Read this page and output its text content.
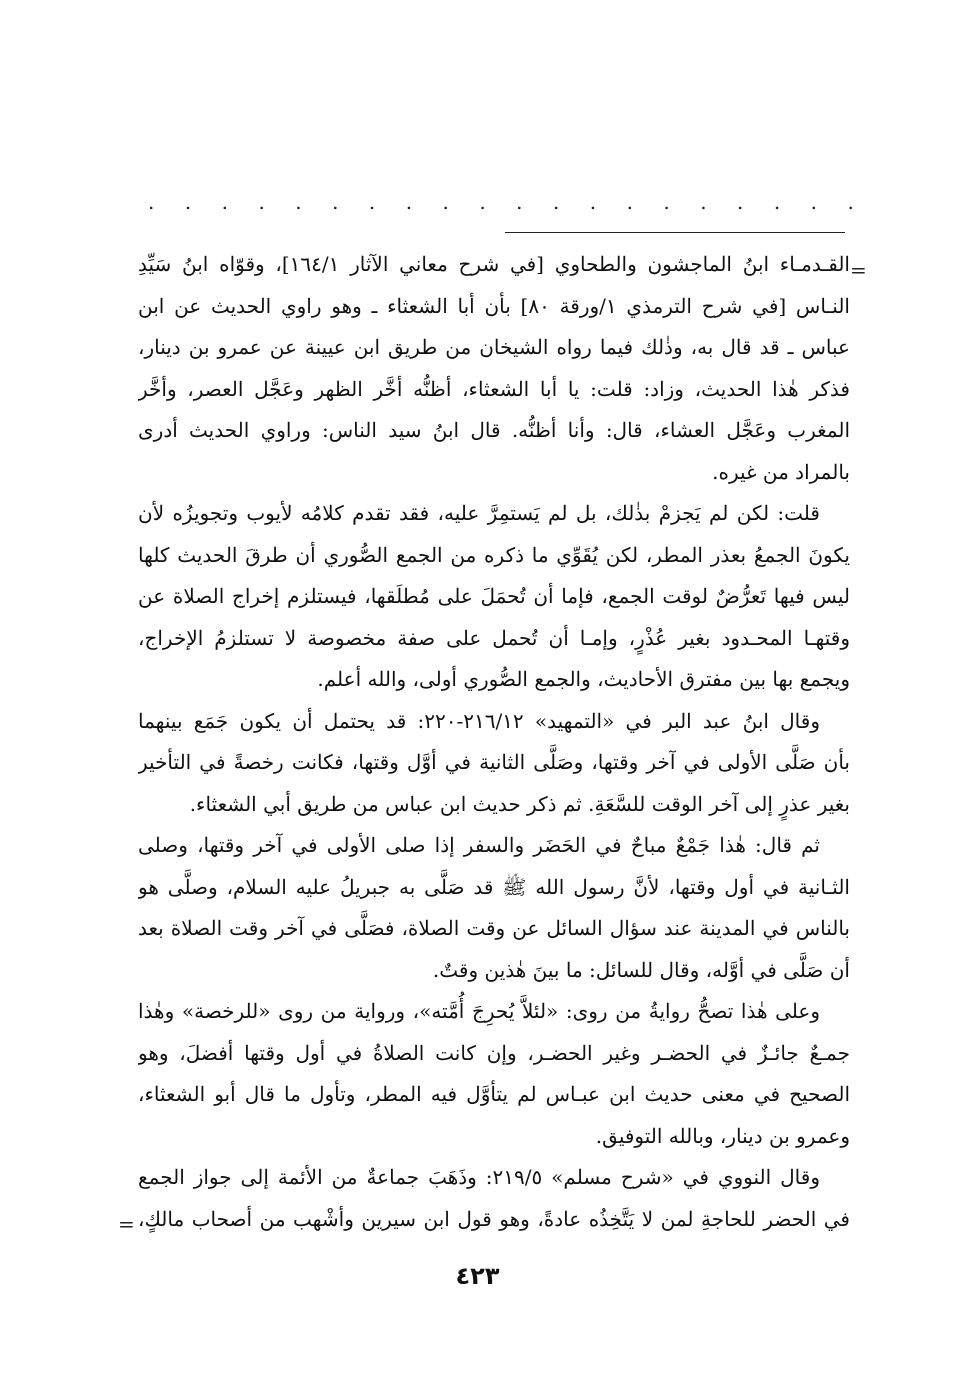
. . . . . . . . . . . . . . . . . . . .
=
القـدمـاء ابنُ الماجشون والطحاوي [في شرح معاني الآثار ١٦٤/١]، وقوّاه ابنُ سَيِّدِ
النـاس [في شرح الترمذي ١/ورقة ٨٠] بأن أبا الشعثاء ـ وهو راوي الحديث عن ابن
عباس ـ قد قال به، وذٰلك فيما رواه الشيخان من طريق ابن عيينة عن عمرو بن دينار،
فذكر هٰذا الحديث، وزاد: قلت: يا أبا الشعثاء، أظنُّه أخَّر الظهر وعَجَّل العصر، وأخَّر
المغرب وعَجَّل العشاء، قال: وأنا أظنُّه. قال ابنُ سيد الناس: وراوي الحديث أدرى
بالمراد من غيره.
قلت: لكن لم يَجزمْ بذٰلك، بل لم يَستمِرَّ عليه، فقد تقدم كلامُه لأيوب وتجويزُه لأن
يكونَ الجمعُ بعذر المطر، لكن يُقَوِّي ما ذكره من الجمع الصُّوري أن طرقَ الحديث كلها
ليس فيها تَعرُّضٌ لوقت الجمع، فإما أن تُحمَلَ على مُطلَقها، فيستلزم إخراج الصلاة عن
وقتهـا المحـدود بغير عُذْرٍ، وإمـا أن تُحمل على صفة مخصوصة لا تستلزمُ الإخراج،
ويجمع بها بين مفترق الأحاديث، والجمع الصُّوري أولى، والله أعلم.
وقال ابنُ عبد البر في «التمهيد» ٢١٦/١٢-٢٢٠: قد يحتمل أن يكون جَمَع بينهما
بأن صَلَّى الأولى في آخر وقتها، وصَلَّى الثانية في أوَّل وقتها، فكانت رخصةً في التأخير
بغير عذرٍ إلى آخر الوقت للسَّعَةِ. ثم ذكر حديث ابن عباس من طريق أبي الشعثاء.
ثم قال: هٰذا جَمْعٌ مباحٌ في الحَضَر والسفر إذا صلى الأولى في آخر وقتها، وصلى
الثـانية في أول وقتها، لأنَّ رسول الله ﷺ قد صَلَّى به جبريلُ عليه السلام، وصلَّى هو
بالناس في المدينة عند سؤال السائل عن وقت الصلاة، فصَلَّى في آخر وقت الصلاة بعد
أن صَلَّى في أوَّله، وقال للسائل: ما بينَ هٰذين وقتٌ.
وعلى هٰذا تصحُّ روايةُ من روى: «لئلاَّ يُحرِجَ أُمَّته»، ورواية من روى «للرخصة» وهٰذا
جمـعٌ جائـزٌ في الحضـر وغير الحضـر، وإن كانت الصلاةُ في أول وقتها أفضلَ، وهو
الصحيح في معنى حديث ابن عبـاس لم يتأوَّل فيه المطر، وتأول ما قال أبو الشعثاء،
وعمرو بن دينار، وبالله التوفيق.
وقال النووي في «شرح مسلم» ٢١٩/٥: وذَهَبَ جماعةٌ من الأئمة إلى جواز الجمع
في الحضر للحاجةِ لمن لا يَتَّخِذُه عادةً، وهو قول ابن سيرين وأشْهب من أصحاب مالكٍ،
=
٤٢٣
